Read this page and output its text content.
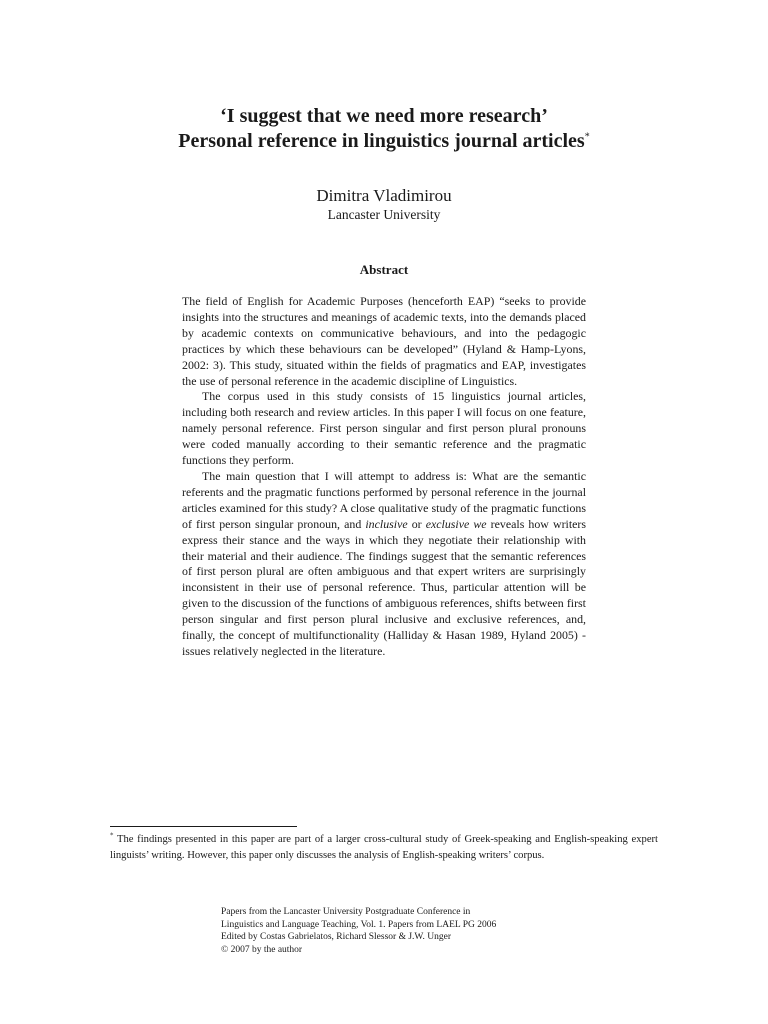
‘I suggest that we need more research’

Personal reference in linguistics journal articles*

Dimitra Vladimirou
Lancaster University
Abstract

The field of English for Academic Purposes (henceforth EAP) “seeks to provide insights into the structures and meanings of academic texts, into the demands placed by academic contexts on communicative behaviours, and into the pedagogic practices by which these behaviours can be developed” (Hyland & Hamp-Lyons, 2002: 3). This study, situated within the fields of pragmatics and EAP, investigates the use of personal reference in the academic discipline of Linguistics.

The corpus used in this study consists of 15 linguistics journal articles, including both research and review articles. In this paper I will focus on one feature, namely personal reference. First person singular and first person plural pronouns were coded manually according to their semantic reference and the pragmatic functions they perform.

The main question that I will attempt to address is: What are the semantic referents and the pragmatic functions performed by personal reference in the journal articles examined for this study? A close qualitative study of the pragmatic functions of first person singular pronoun, and inclusive or exclusive we reveals how writers express their stance and the ways in which they negotiate their relationship with their material and their audience. The findings suggest that the semantic references of first person plural are often ambiguous and that expert writers are surprisingly inconsistent in their use of personal reference. Thus, particular attention will be given to the discussion of the functions of ambiguous references, shifts between first person singular and first person plural inclusive and exclusive references, and, finally, the concept of multifunctionality (Halliday & Hasan 1989, Hyland 2005) - issues relatively neglected in the literature.

* The findings presented in this paper are part of a larger cross-cultural study of Greek-speaking and English-speaking expert linguists’ writing. However, this paper only discusses the analysis of English-speaking writers’ corpus.
Papers from the Lancaster University Postgraduate Conference in
Linguistics and Language Teaching, Vol. 1. Papers from LAEL PG 2006
Edited by Costas Gabrielatos, Richard Slessor & J.W. Unger
© 2007 by the author
